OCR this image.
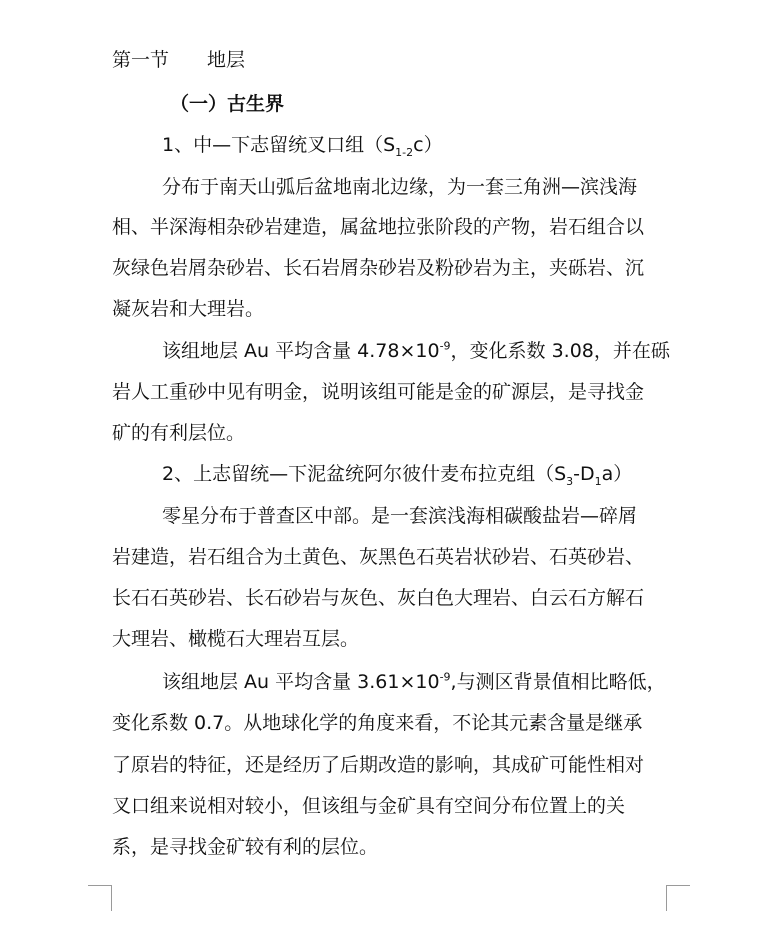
第一节　　地层
（一）古生界
1、中—下志留统叉口组$(S_{1-2}c)$
分布于南天山弧后盆地南北边缘，为一套三角洲—滨浅海
相、半深海相杂砂岩建造，属盆地拉张阶段的产物，岩石组合以
灰绿色岩屑杂砂岩、长石岩屑杂砂岩及粉砂岩为主，夹砾岩、沉
凝灰岩和大理岩。
该组地层 Au 平均含量 $4.78\times 10^{-9}$，变化系数 3.08，并在砾
岩人工重砂中见有明金，说明该组可能是金的矿源层，是寻找金
矿的有利层位。
2、上志留统—下泥盆统阿尔彼什麦布拉克组$(S_3-D_1a)$
零星分布于普查区中部。是一套滨浅海相碳酸盐岩—碎屑
岩建造，岩石组合为土黄色、灰黑色石英岩状砂岩、石英砂岩、
长石石英砂岩、长石砂岩与灰色、灰白色大理岩、白云石方解石
大理岩、橄榄石大理岩互层。
该组地层 Au 平均含量 $3.61\times 10^{-9}$,与测区背景值相比略低，
变化系数 0.7。从地球化学的角度来看，不论其元素含量是继承
了原岩的特征，还是经历了后期改造的影响，其成矿可能性相对
叉口组来说相对较小，但该组与金矿具有空间分布位置上的关
系，是寻找金矿较有利的层位。
